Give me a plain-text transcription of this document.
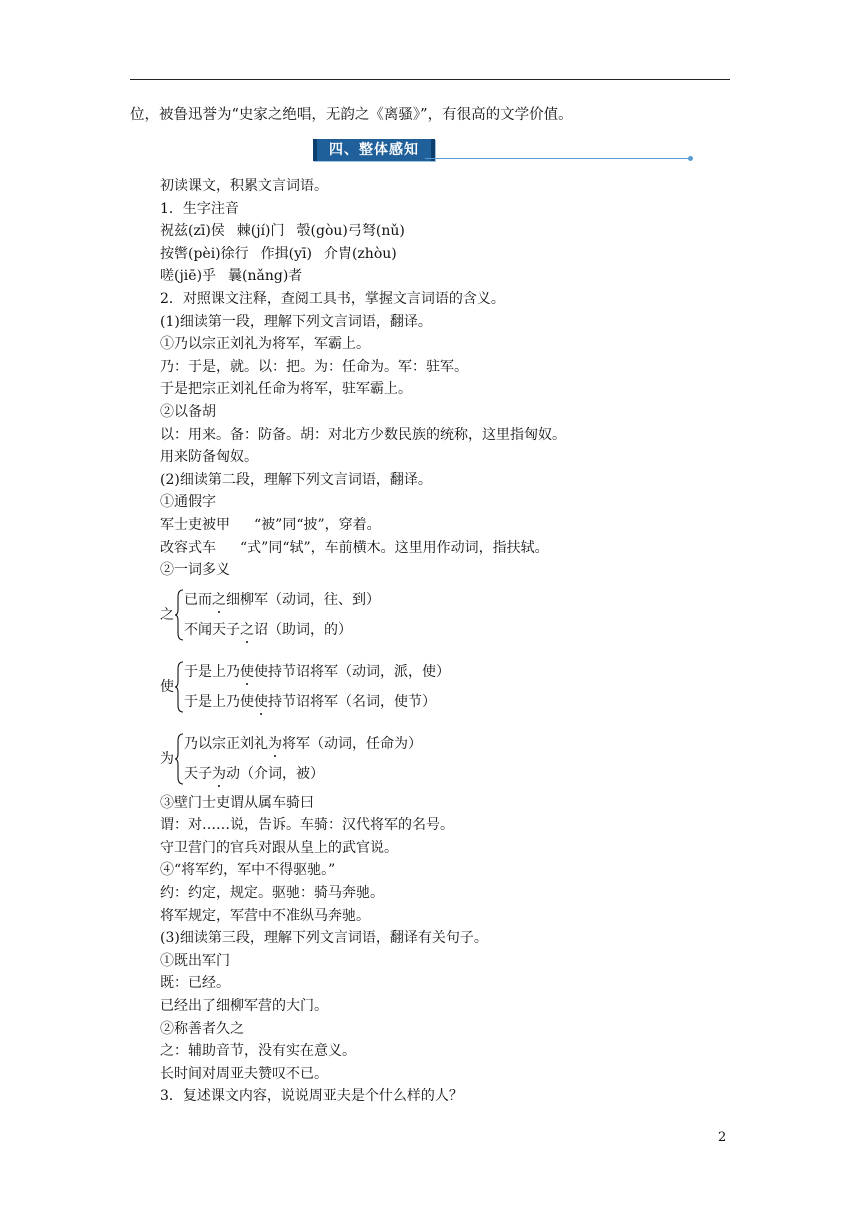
位，被鲁迅誉为“史家之绝唱，无韵之《离骚》”，有很高的文学价值。
四、整体感知
初读课文，积累文言词语。
1．生字注音
祝兹(zī)侯 棘(jí)门 彀(gòu)弓弩(nǔ)
按辔(pèi)徐行 作揖(yī) 介胄(zhòu)
嗟(jiē)乎 曩(nǎng)者
2．对照课文注释，查阅工具书，掌握文言词语的含义。
(1)细读第一段，理解下列文言词语，翻译。
①乃以宗正刘礼为将军，军霸上。
乃：于是，就。以：把。为：任命为。军：驻军。
于是把宗正刘礼任命为将军，驻军霸上。
②以备胡
以：用来。备：防备。胡：对北方少数民族的统称，这里指匈奴。
用来防备匈奴。
(2)细读第二段，理解下列文言词语，翻译。
①通假字
军士吏被甲 “被”同“披”，穿着。
改容式车 “式”同“轼”，车前横木。这里用作动词，指扶轼。
②一词多义
之
已而之细柳军（动词，往、到）
不闻天子之诏（助词，的）
使
于是上乃使使持节诏将军（动词，派，使）
于是上乃使使持节诏将军（名词，使节）
为
乃以宗正刘礼为将军（动词，任命为）
天子为动（介词，被）
③壁门士吏谓从属车骑曰
谓：对……说，告诉。车骑：汉代将军的名号。
守卫营门的官兵对跟从皇上的武官说。
④“将军约，军中不得驱驰。”
约：约定，规定。驱驰：骑马奔驰。
将军规定，军营中不准纵马奔驰。
(3)细读第三段，理解下列文言词语，翻译有关句子。
①既出军门
既：已经。
已经出了细柳军营的大门。
②称善者久之
之：辅助音节，没有实在意义。
长时间对周亚夫赞叹不已。
3．复述课文内容，说说周亚夫是个什么样的人？
2
